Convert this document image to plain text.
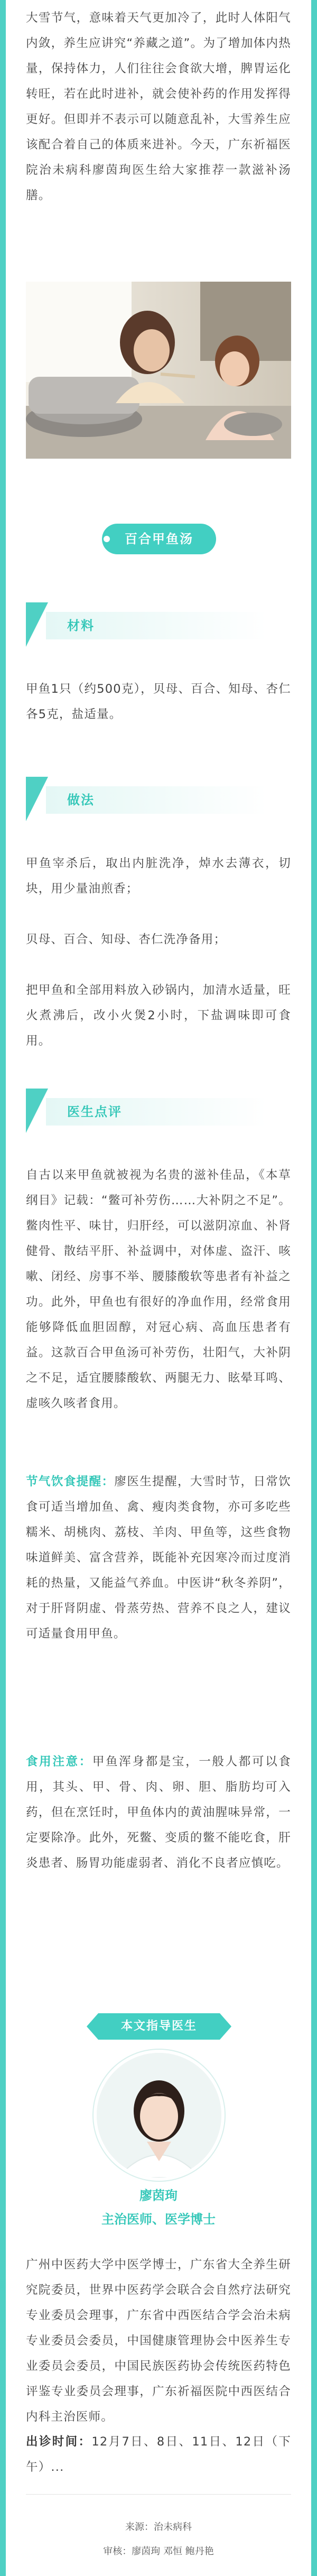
大雪节气，意味着天气更加冷了，此时人体阳气内敛，养生应讲究“养藏之道”。为了增加体内热量，保持体力，人们往往会食欲大增，脾胃运化转旺，若在此时进补，就会使补药的作用发挥得更好。但即并不表示可以随意乱补，大雪养生应该配合着自己的体质来进补。今天，广东祈福医院治未病科廖茵珣医生给大家推荐一款滋补汤膳。
百合甲鱼汤
材料
甲鱼1只（约500克），贝母、百合、知母、杏仁各5克，盐适量。
做法
甲鱼宰杀后，取出内脏洗净，焯水去薄衣，切块，用少量油煎香；
贝母、百合、知母、杏仁洗净备用；
把甲鱼和全部用料放入砂锅内，加清水适量，旺火煮沸后，改小火煲2小时，下盐调味即可食用。
医生点评
自古以来甲鱼就被视为名贵的滋补佳品，《本草纲目》记载：“鳖可补劳伤……大补阴之不足”。鳖肉性平、味甘，归肝经，可以滋阴凉血、补肾健骨、散结平肝、补益调中，对体虚、盗汗、咳嗽、闭经、房事不举、腰膝酸软等患者有补益之功。此外，甲鱼也有很好的净血作用，经常食用能够降低血胆固醇，对冠心病、高血压患者有益。这款百合甲鱼汤可补劳伤，壮阳气，大补阴之不足，适宜腰膝酸软、两腿无力、眩晕耳鸣、虚咳久咳者食用。
节气饮食提醒：廖医生提醒，大雪时节，日常饮食可适当增加鱼、禽、瘦肉类食物，亦可多吃些糯米、胡桃肉、荔枝、羊肉、甲鱼等，这些食物味道鲜美、富含营养，既能补充因寒冷而过度消耗的热量，又能益气养血。中医讲“秋冬养阴”，对于肝肾阴虚、骨蒸劳热、营养不良之人，建议可适量食用甲鱼。
食用注意：甲鱼浑身都是宝，一般人都可以食用，其头、甲、骨、肉、卵、胆、脂肪均可入药，但在烹饪时，甲鱼体内的黄油腥味异常，一定要除净。此外，死鳖、变质的鳖不能吃食，肝炎患者、肠胃功能虚弱者、消化不良者应慎吃。
本文指导医生
廖茵珣
主治医师、医学博士
广州中医药大学中医学博士，广东省大全养生研究院委员，世界中医药学会联合会自然疗法研究专业委员会理事，广东省中西医结合学会治未病专业委员会委员，中国健康管理协会中医养生专业委员会委员，中国民族医药协会传统医药特色评鉴专业委员会理事，广东祈福医院中西医结合内科主治医师。
出诊时间：12月7日、8日、11日、12日（下午）...
来源：治未病科
审核：廖茵珣 邓恒 鲍丹艳
